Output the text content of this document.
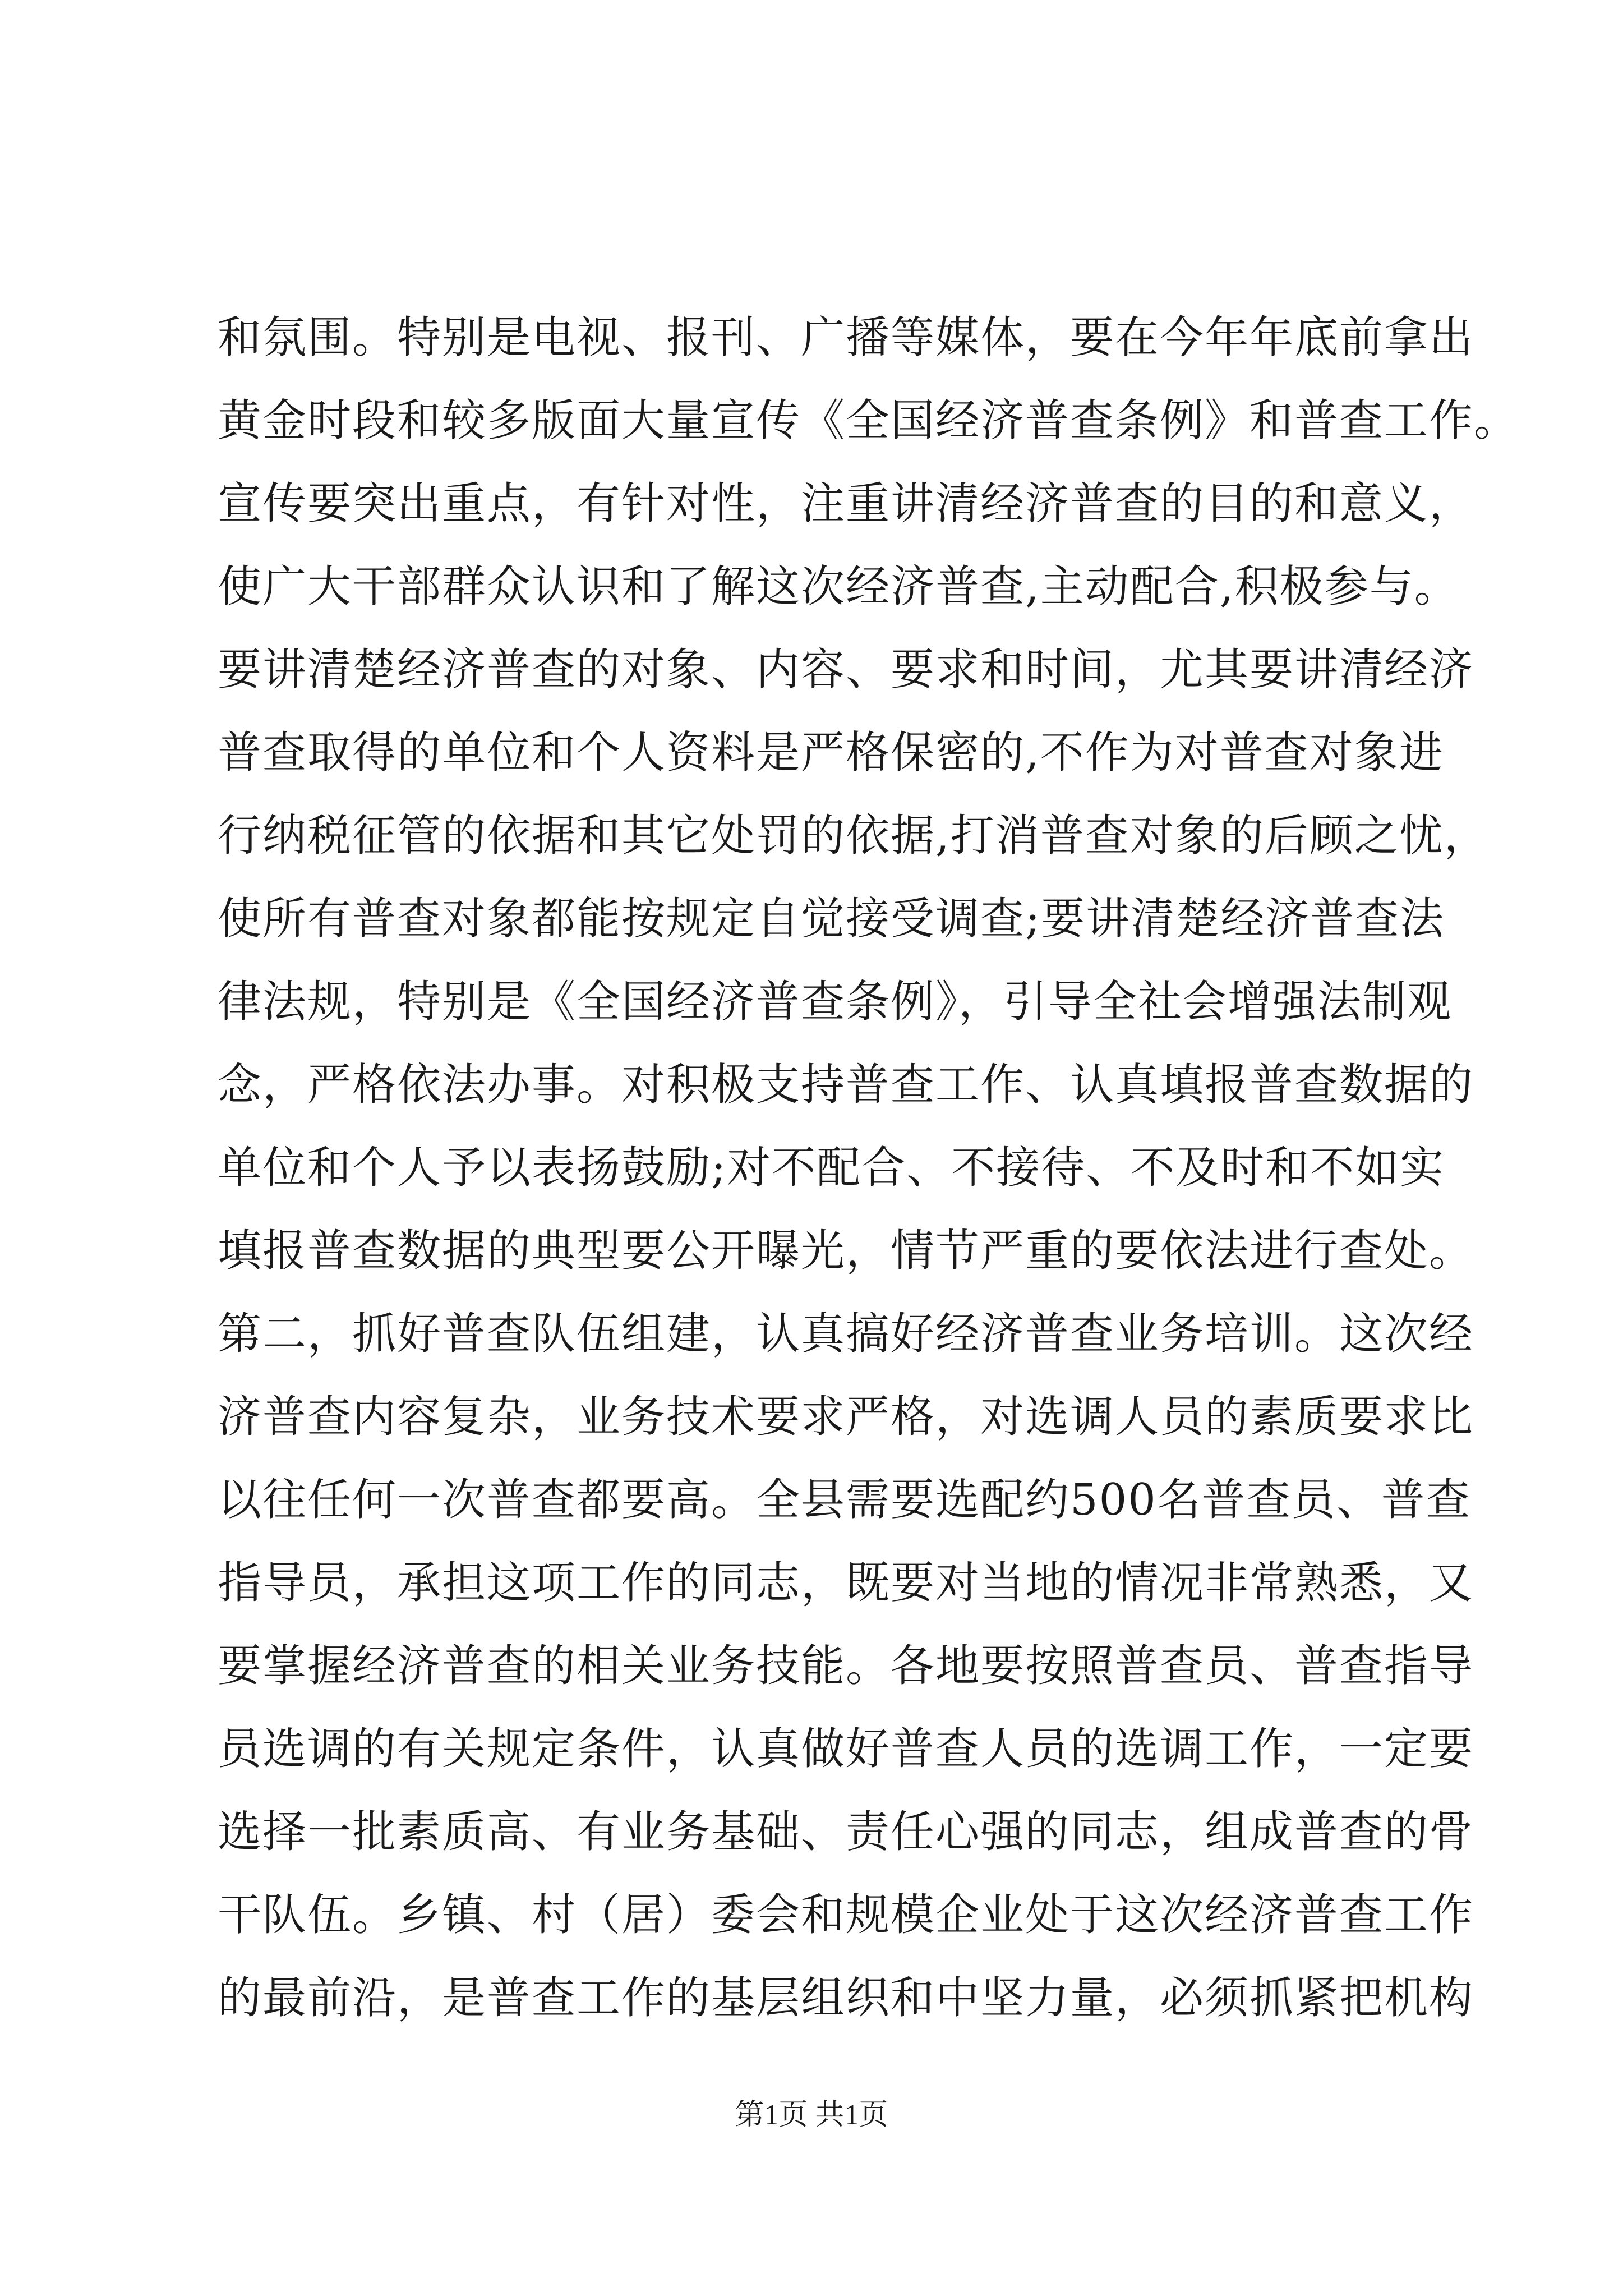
和氛围。特别是电视、报刊、广播等媒体，要在今年年底前拿出

黄金时段和较多版面大量宣传《全国经济普查条例》和普查工作。

宣传要突出重点，有针对性，注重讲清经济普查的目的和意义，

使广大干部群众认识和了解这次经济普查,主动配合,积极参与。

要讲清楚经济普查的对象、内容、要求和时间，尤其要讲清经济

普查取得的单位和个人资料是严格保密的,不作为对普查对象进

行纳税征管的依据和其它处罚的依据,打消普查对象的后顾之忧，

使所有普查对象都能按规定自觉接受调查;要讲清楚经济普查法

律法规，特别是《全国经济普查条例》，引导全社会增强法制观

念，严格依法办事。对积极支持普查工作、认真填报普查数据的

单位和个人予以表扬鼓励;对不配合、不接待、不及时和不如实

填报普查数据的典型要公开曝光，情节严重的要依法进行查处。

第二，抓好普查队伍组建，认真搞好经济普查业务培训。这次经

济普查内容复杂，业务技术要求严格，对选调人员的素质要求比

以往任何一次普查都要高。全县需要选配约500名普查员、普查

指导员，承担这项工作的同志，既要对当地的情况非常熟悉，又

要掌握经济普查的相关业务技能。各地要按照普查员、普查指导

员选调的有关规定条件，认真做好普查人员的选调工作，一定要

选择一批素质高、有业务基础、责任心强的同志，组成普查的骨

干队伍。乡镇、村（居）委会和规模企业处于这次经济普查工作

的最前沿，是普查工作的基层组织和中坚力量，必须抓紧把机构

第1页 共1页
